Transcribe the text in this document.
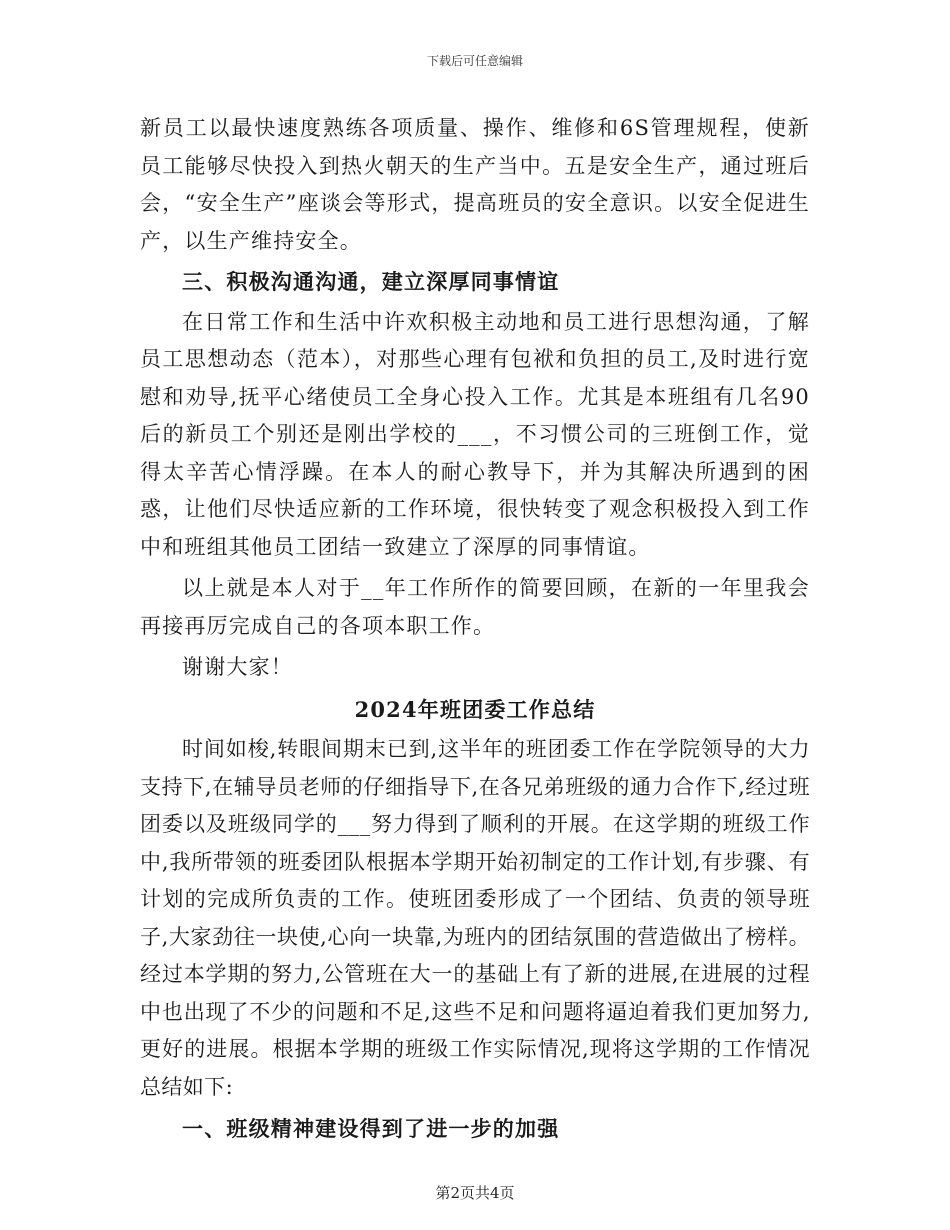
下载后可任意编辑

新员工以最快速度熟练各项质量、操作、维修和6S管理规程，使新员工能够尽快投入到热火朝天的生产当中。五是安全生产，通过班后会，“安全生产”座谈会等形式，提高班员的安全意识。以安全促进生产，以生产维持安全。

三、积极沟通沟通，建立深厚同事情谊

在日常工作和生活中许欢积极主动地和员工进行思想沟通，了解员工思想动态（范本），对那些心理有包袱和负担的员工,及时进行宽慰和劝导,抚平心绪使员工全身心投入工作。尤其是本班组有几名90后的新员工个别还是刚出学校的___，不习惯公司的三班倒工作，觉得太辛苦心情浮躁。在本人的耐心教导下，并为其解决所遇到的困惑，让他们尽快适应新的工作环境，很快转变了观念积极投入到工作中和班组其他员工团结一致建立了深厚的同事情谊。

以上就是本人对于__年工作所作的简要回顾，在新的一年里我会再接再厉完成自己的各项本职工作。

谢谢大家！

2024年班团委工作总结

时间如梭,转眼间期末已到,这半年的班团委工作在学院领导的大力支持下,在辅导员老师的仔细指导下,在各兄弟班级的通力合作下,经过班团委以及班级同学的___努力得到了顺利的开展。在这学期的班级工作中,我所带领的班委团队根据本学期开始初制定的工作计划,有步骤、有计划的完成所负责的工作。使班团委形成了一个团结、负责的领导班子,大家劲往一块使,心向一块靠,为班内的团结氛围的营造做出了榜样。经过本学期的努力,公管班在大一的基础上有了新的进展,在进展的过程中也出现了不少的问题和不足,这些不足和问题将逼迫着我们更加努力,更好的进展。根据本学期的班级工作实际情况,现将这学期的工作情况总结如下:

一、班级精神建设得到了进一步的加强

第2页共4页
